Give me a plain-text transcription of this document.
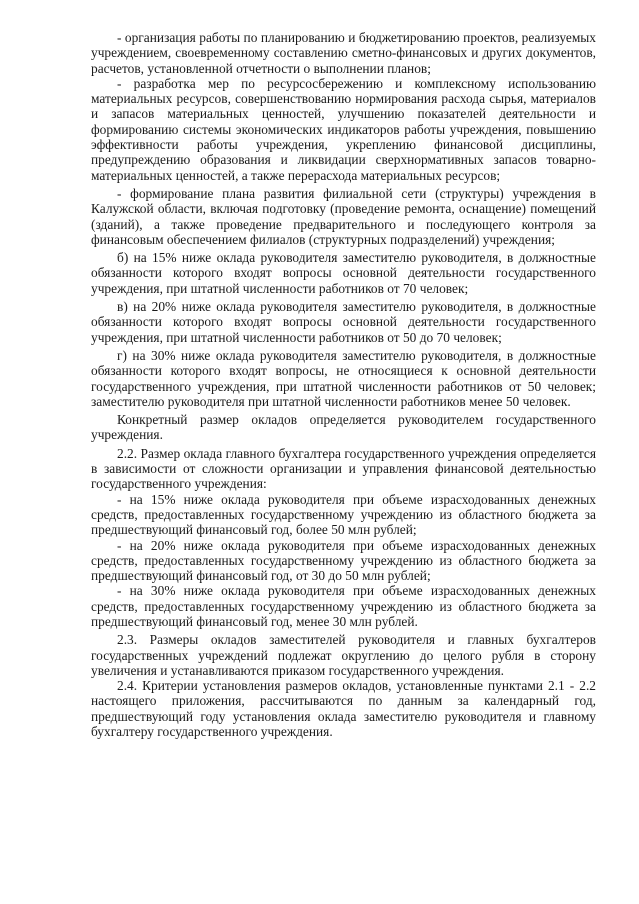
- организация работы по планированию и бюджетированию проектов, реализуемых учреждением, своевременному составлению сметно-финансовых и других документов, расчетов, установленной отчетности о выполнении планов;

- разработка мер по ресурсосбережению и комплексному использованию материальных ресурсов, совершенствованию нормирования расхода сырья, материалов и запасов материальных ценностей, улучшению показателей деятельности и формированию системы экономических индикаторов работы учреждения, повышению эффективности работы учреждения, укреплению финансовой дисциплины, предупреждению образования и ликвидации сверхнормативных запасов товарно-материальных ценностей, а также перерасхода материальных ресурсов;

- формирование плана развития филиальной сети (структуры) учреждения в Калужской области, включая подготовку (проведение ремонта, оснащение) помещений (зданий), а также проведение предварительного и последующего контроля за финансовым обеспечением филиалов (структурных подразделений) учреждения;

б) на 15% ниже оклада руководителя заместителю руководителя, в должностные обязанности которого входят вопросы основной деятельности государственного учреждения, при штатной численности работников от 70 человек;

в) на 20% ниже оклада руководителя заместителю руководителя, в должностные обязанности которого входят вопросы основной деятельности государственного учреждения, при штатной численности работников от 50 до 70 человек;

г) на 30% ниже оклада руководителя заместителю руководителя, в должностные обязанности которого входят вопросы, не относящиеся к основной деятельности государственного учреждения, при штатной численности работников от 50 человек; заместителю руководителя при штатной численности работников менее 50 человек.

Конкретный размер окладов определяется руководителем государственного учреждения.

2.2. Размер оклада главного бухгалтера государственного учреждения определяется в зависимости от сложности организации и управления финансовой деятельностью государственного учреждения:

- на 15% ниже оклада руководителя при объеме израсходованных денежных средств, предоставленных государственному учреждению из областного бюджета за предшествующий финансовый год, более 50 млн рублей;

- на 20% ниже оклада руководителя при объеме израсходованных денежных средств, предоставленных государственному учреждению из областного бюджета за предшествующий финансовый год, от 30 до 50 млн рублей;

- на 30% ниже оклада руководителя при объеме израсходованных денежных средств, предоставленных государственному учреждению из областного бюджета за предшествующий финансовый год, менее 30 млн рублей.

2.3. Размеры окладов заместителей руководителя и главных бухгалтеров государственных учреждений подлежат округлению до целого рубля в сторону увеличения и устанавливаются приказом государственного учреждения.

2.4. Критерии установления размеров окладов, установленные пунктами 2.1 - 2.2 настоящего приложения, рассчитываются по данным за календарный год, предшествующий году установления оклада заместителю руководителя и главному бухгалтеру государственного учреждения.
